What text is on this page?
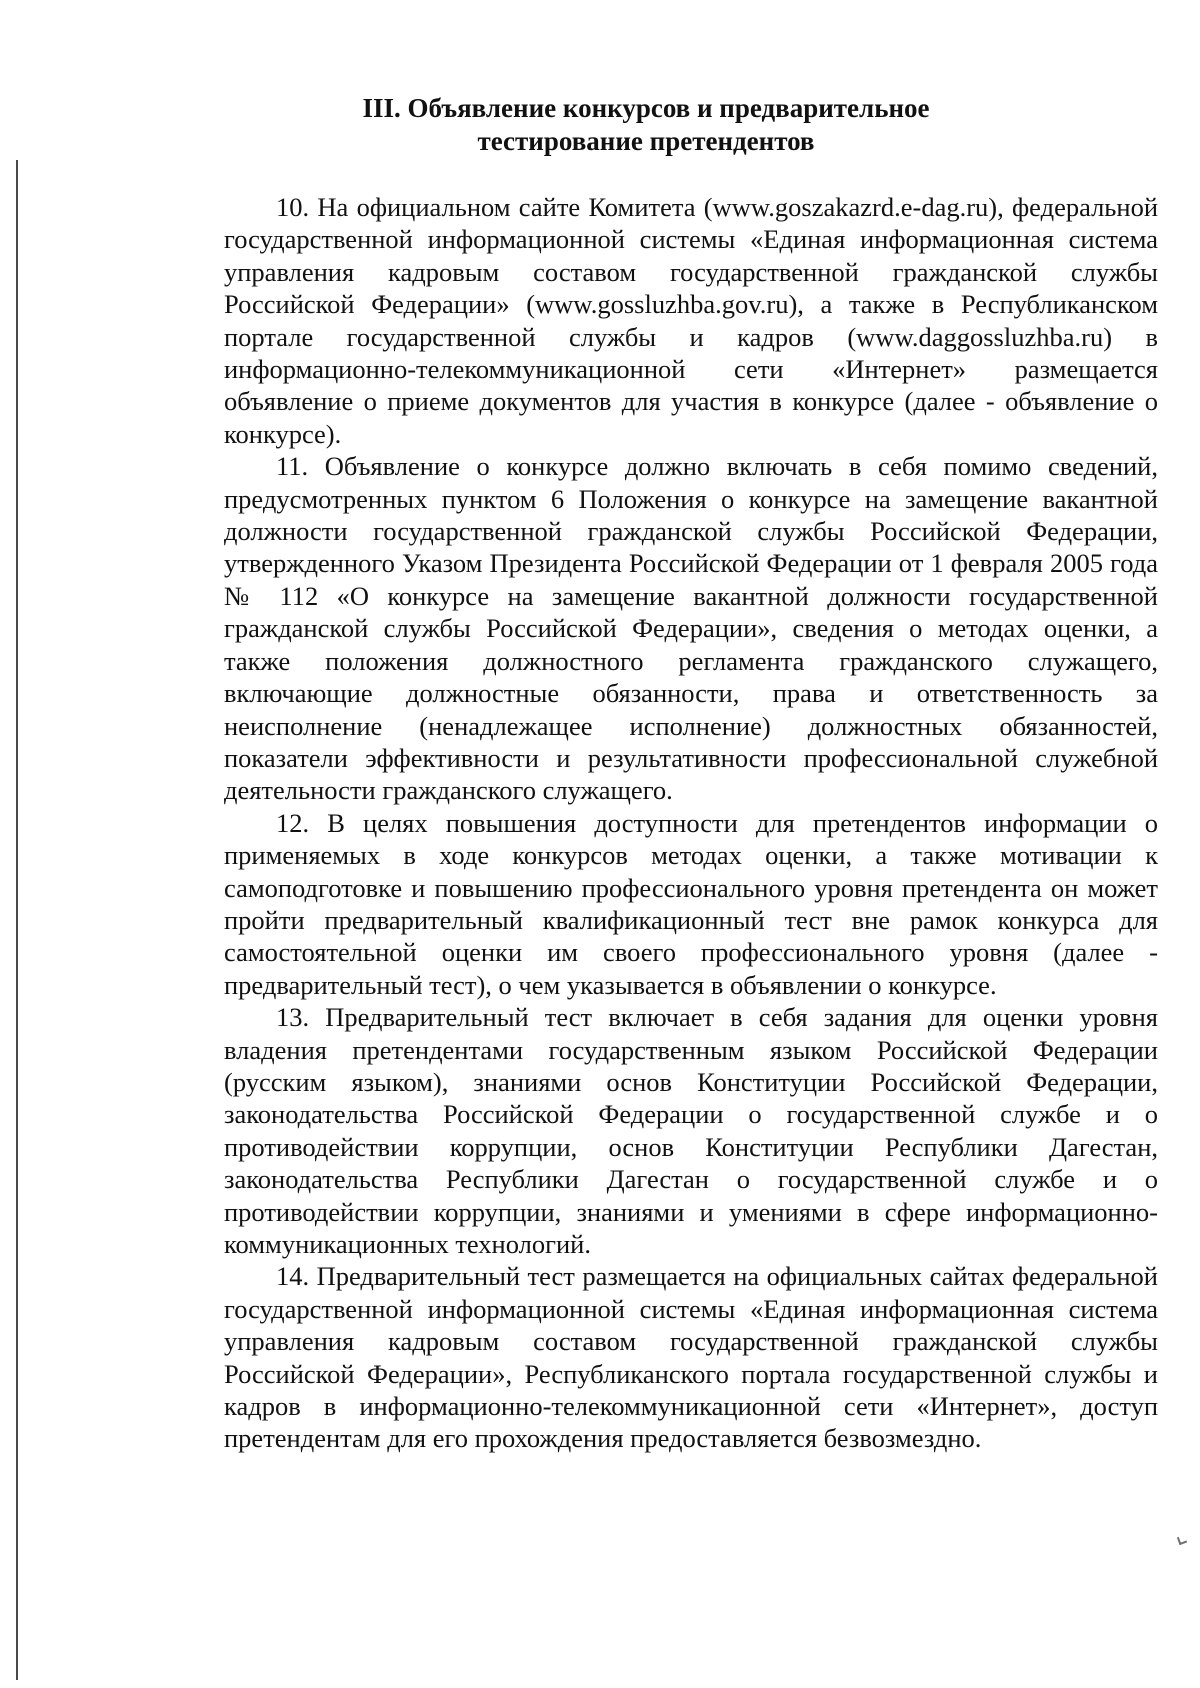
III. Объявление конкурсов и предварительное
тестирование претендентов

10. На официальном сайте Комитета (www.goszakazrd.e-dag.ru), федеральной государственной информационной системы «Единая информационная система управления кадровым составом государственной гражданской службы Российской Федерации» (www.gossluzhba.gov.ru), а также в Республиканском портале государственной службы и кадров (www.daggossluzhba.ru) в информационно-телекоммуникационной сети «Интернет» размещается объявление о приеме документов для участия в конкурсе (далее - объявление о конкурсе).

11. Объявление о конкурсе должно включать в себя помимо сведений, предусмотренных пунктом 6 Положения о конкурсе на замещение вакантной должности государственной гражданской службы Российской Федерации, утвержденного Указом Президента Российской Федерации от 1 февраля 2005 года № 112 «О конкурсе на замещение вакантной должности государственной гражданской службы Российской Федерации», сведения о методах оценки, а также положения должностного регламента гражданского служащего, включающие должностные обязанности, права и ответственность за неисполнение (ненадлежащее исполнение) должностных обязанностей, показатели эффективности и результативности профессиональной служебной деятельности гражданского служащего.

12. В целях повышения доступности для претендентов информации о применяемых в ходе конкурсов методах оценки, а также мотивации к самоподготовке и повышению профессионального уровня претендента он может пройти предварительный квалификационный тест вне рамок конкурса для самостоятельной оценки им своего профессионального уровня (далее - предварительный тест), о чем указывается в объявлении о конкурсе.

13. Предварительный тест включает в себя задания для оценки уровня владения претендентами государственным языком Российской Федерации (русским языком), знаниями основ Конституции Российской Федерации, законодательства Российской Федерации о государственной службе и о противодействии коррупции, основ Конституции Республики Дагестан, законодательства Республики Дагестан о государственной службе и о противодействии коррупции, знаниями и умениями в сфере информационно-коммуникационных технологий.

14. Предварительный тест размещается на официальных сайтах федеральной государственной информационной системы «Единая информационная система управления кадровым составом государственной гражданской службы Российской Федерации», Республиканского портала государственной службы и кадров в информационно-телекоммуникационной сети «Интернет», доступ претендентам для его прохождения предоставляется безвозмездно.
